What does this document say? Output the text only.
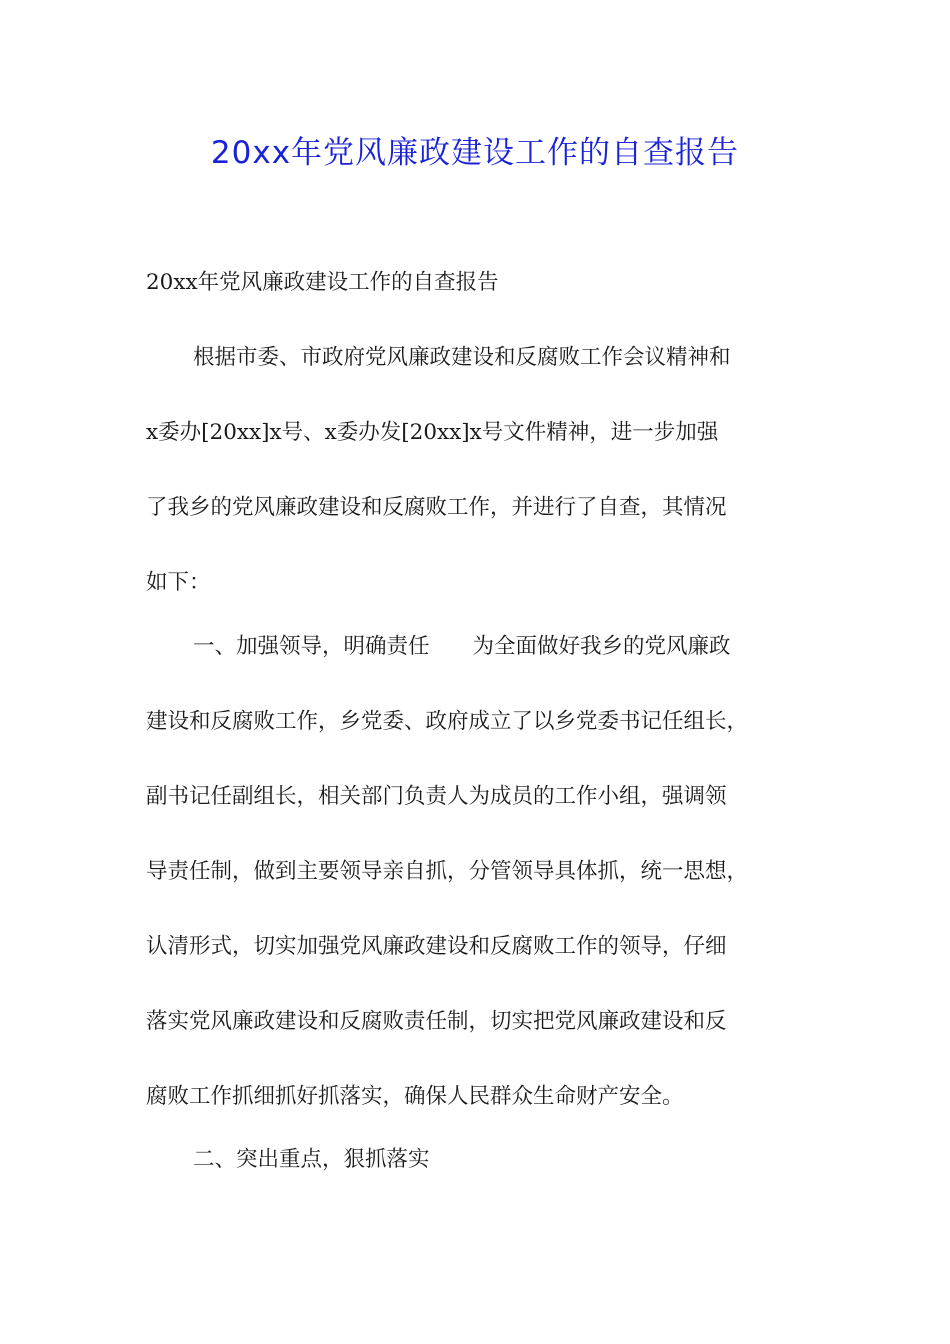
20xx年党风廉政建设工作的自查报告

20xx年党风廉政建设工作的自查报告

根据市委、市政府党风廉政建设和反腐败工作会议精神和

x委办[20xx]x号、x委办发[20xx]x号文件精神，进一步加强

了我乡的党风廉政建设和反腐败工作，并进行了自查，其情况

如下：

一、加强领导，明确责任　　为全面做好我乡的党风廉政

建设和反腐败工作，乡党委、政府成立了以乡党委书记任组长，

副书记任副组长，相关部门负责人为成员的工作小组，强调领

导责任制，做到主要领导亲自抓，分管领导具体抓，统一思想，

认清形式，切实加强党风廉政建设和反腐败工作的领导，仔细

落实党风廉政建设和反腐败责任制，切实把党风廉政建设和反

腐败工作抓细抓好抓落实，确保人民群众生命财产安全。

二、突出重点，狠抓落实
